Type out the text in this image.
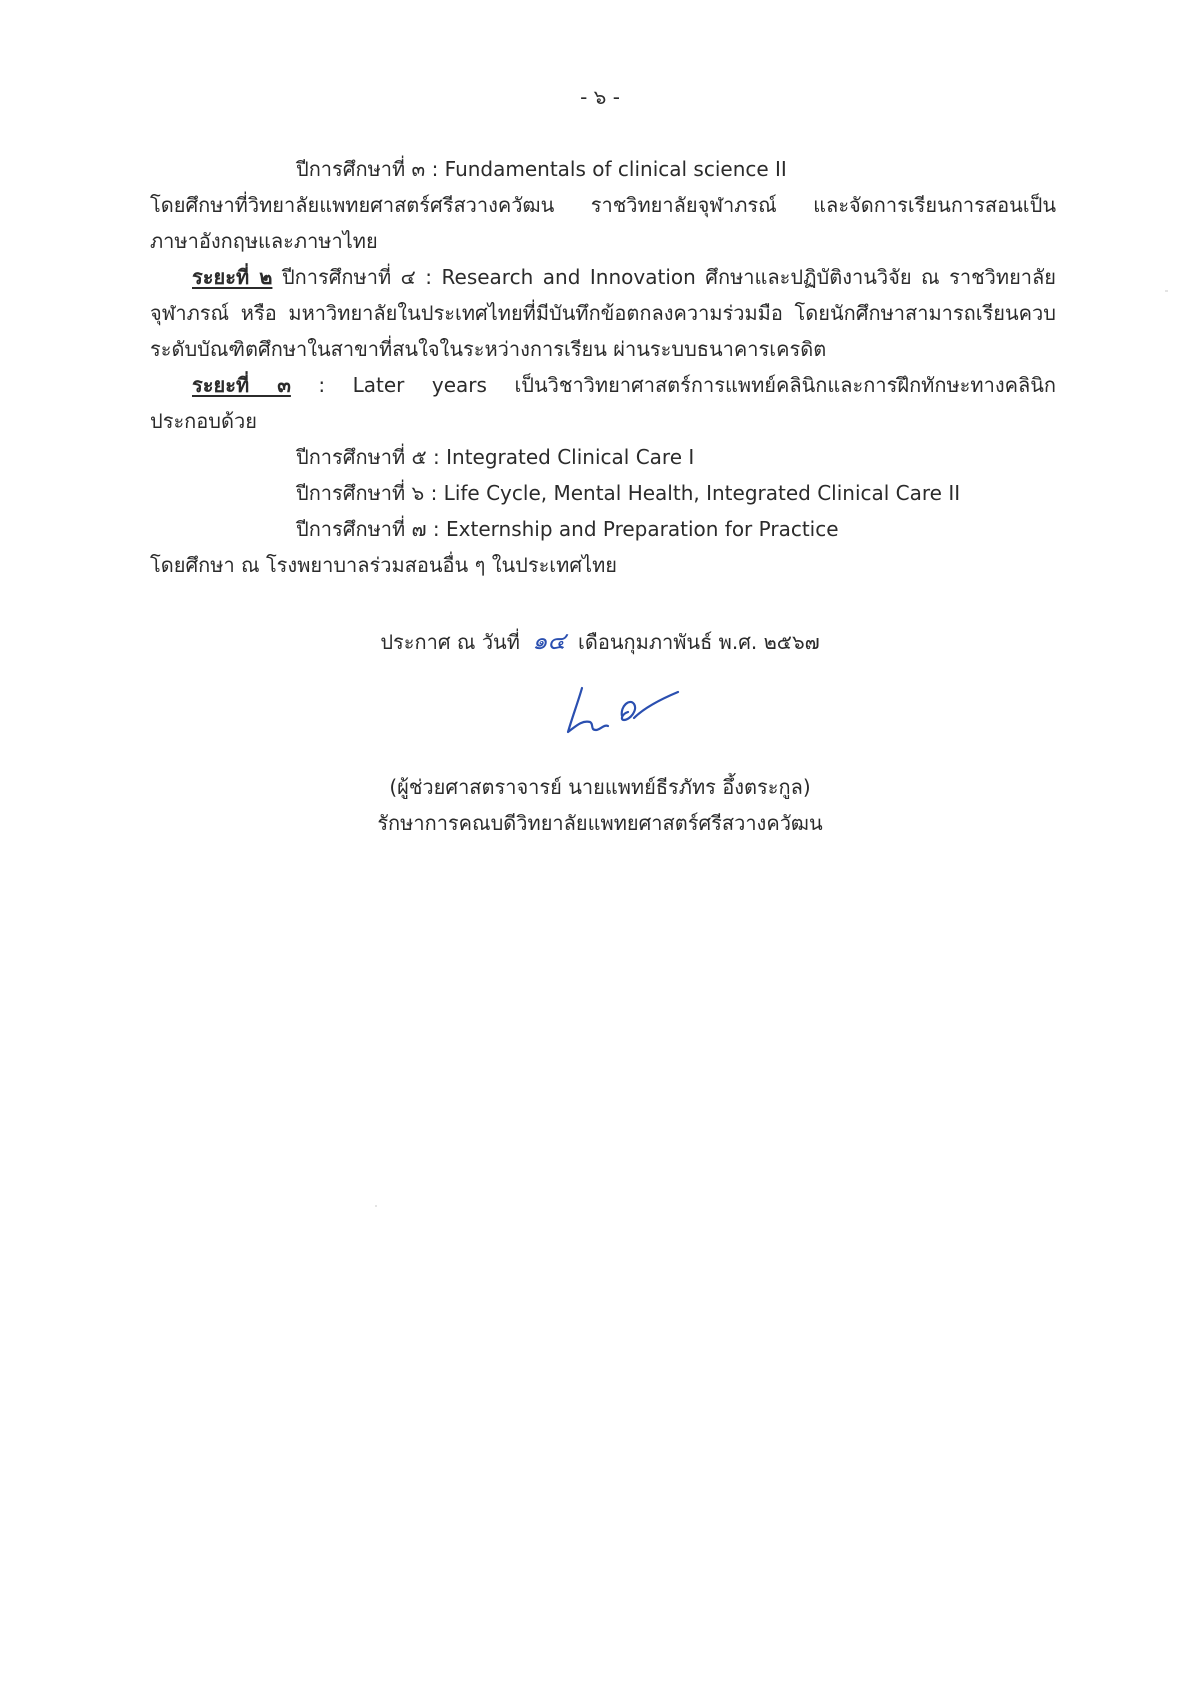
- ๖ -
ปีการศึกษาที่ ๓ : Fundamentals of clinical science II
โดยศึกษาที่วิทยาลัยแพทยศาสตร์ศรีสวางควัฒน ราชวิทยาลัยจุฬาภรณ์ และจัดการเรียนการสอนเป็น
ภาษาอังกฤษและภาษาไทย
ระยะที่ ๒ ปีการศึกษาที่ ๔ : Research and Innovation ศึกษาและปฏิบัติงานวิจัย ณ ราชวิทยาลัย
จุฬาภรณ์ หรือ มหาวิทยาลัยในประเทศไทยที่มีบันทึกข้อตกลงความร่วมมือ โดยนักศึกษาสามารถเรียนควบ
ระดับบัณฑิตศึกษาในสาขาที่สนใจในระหว่างการเรียน ผ่านระบบธนาคารเครดิต
ระยะที่ ๓ : Later years เป็นวิชาวิทยาศาสตร์การแพทย์คลินิกและการฝึกทักษะทางคลินิก
ประกอบด้วย
ปีการศึกษาที่ ๕ : Integrated Clinical Care I
ปีการศึกษาที่ ๖ : Life Cycle, Mental Health, Integrated Clinical Care II
ปีการศึกษาที่ ๗ : Externship and Preparation for Practice
โดยศึกษา ณ โรงพยาบาลร่วมสอนอื่น ๆ ในประเทศไทย
ประกาศ ณ วันที่ ๑๔ เดือนกุมภาพันธ์ พ.ศ. ๒๕๖๗
(ผู้ช่วยศาสตราจารย์ นายแพทย์ธีรภัทร อึ้งตระกูล)
รักษาการคณบดีวิทยาลัยแพทยศาสตร์ศรีสวางควัฒน
